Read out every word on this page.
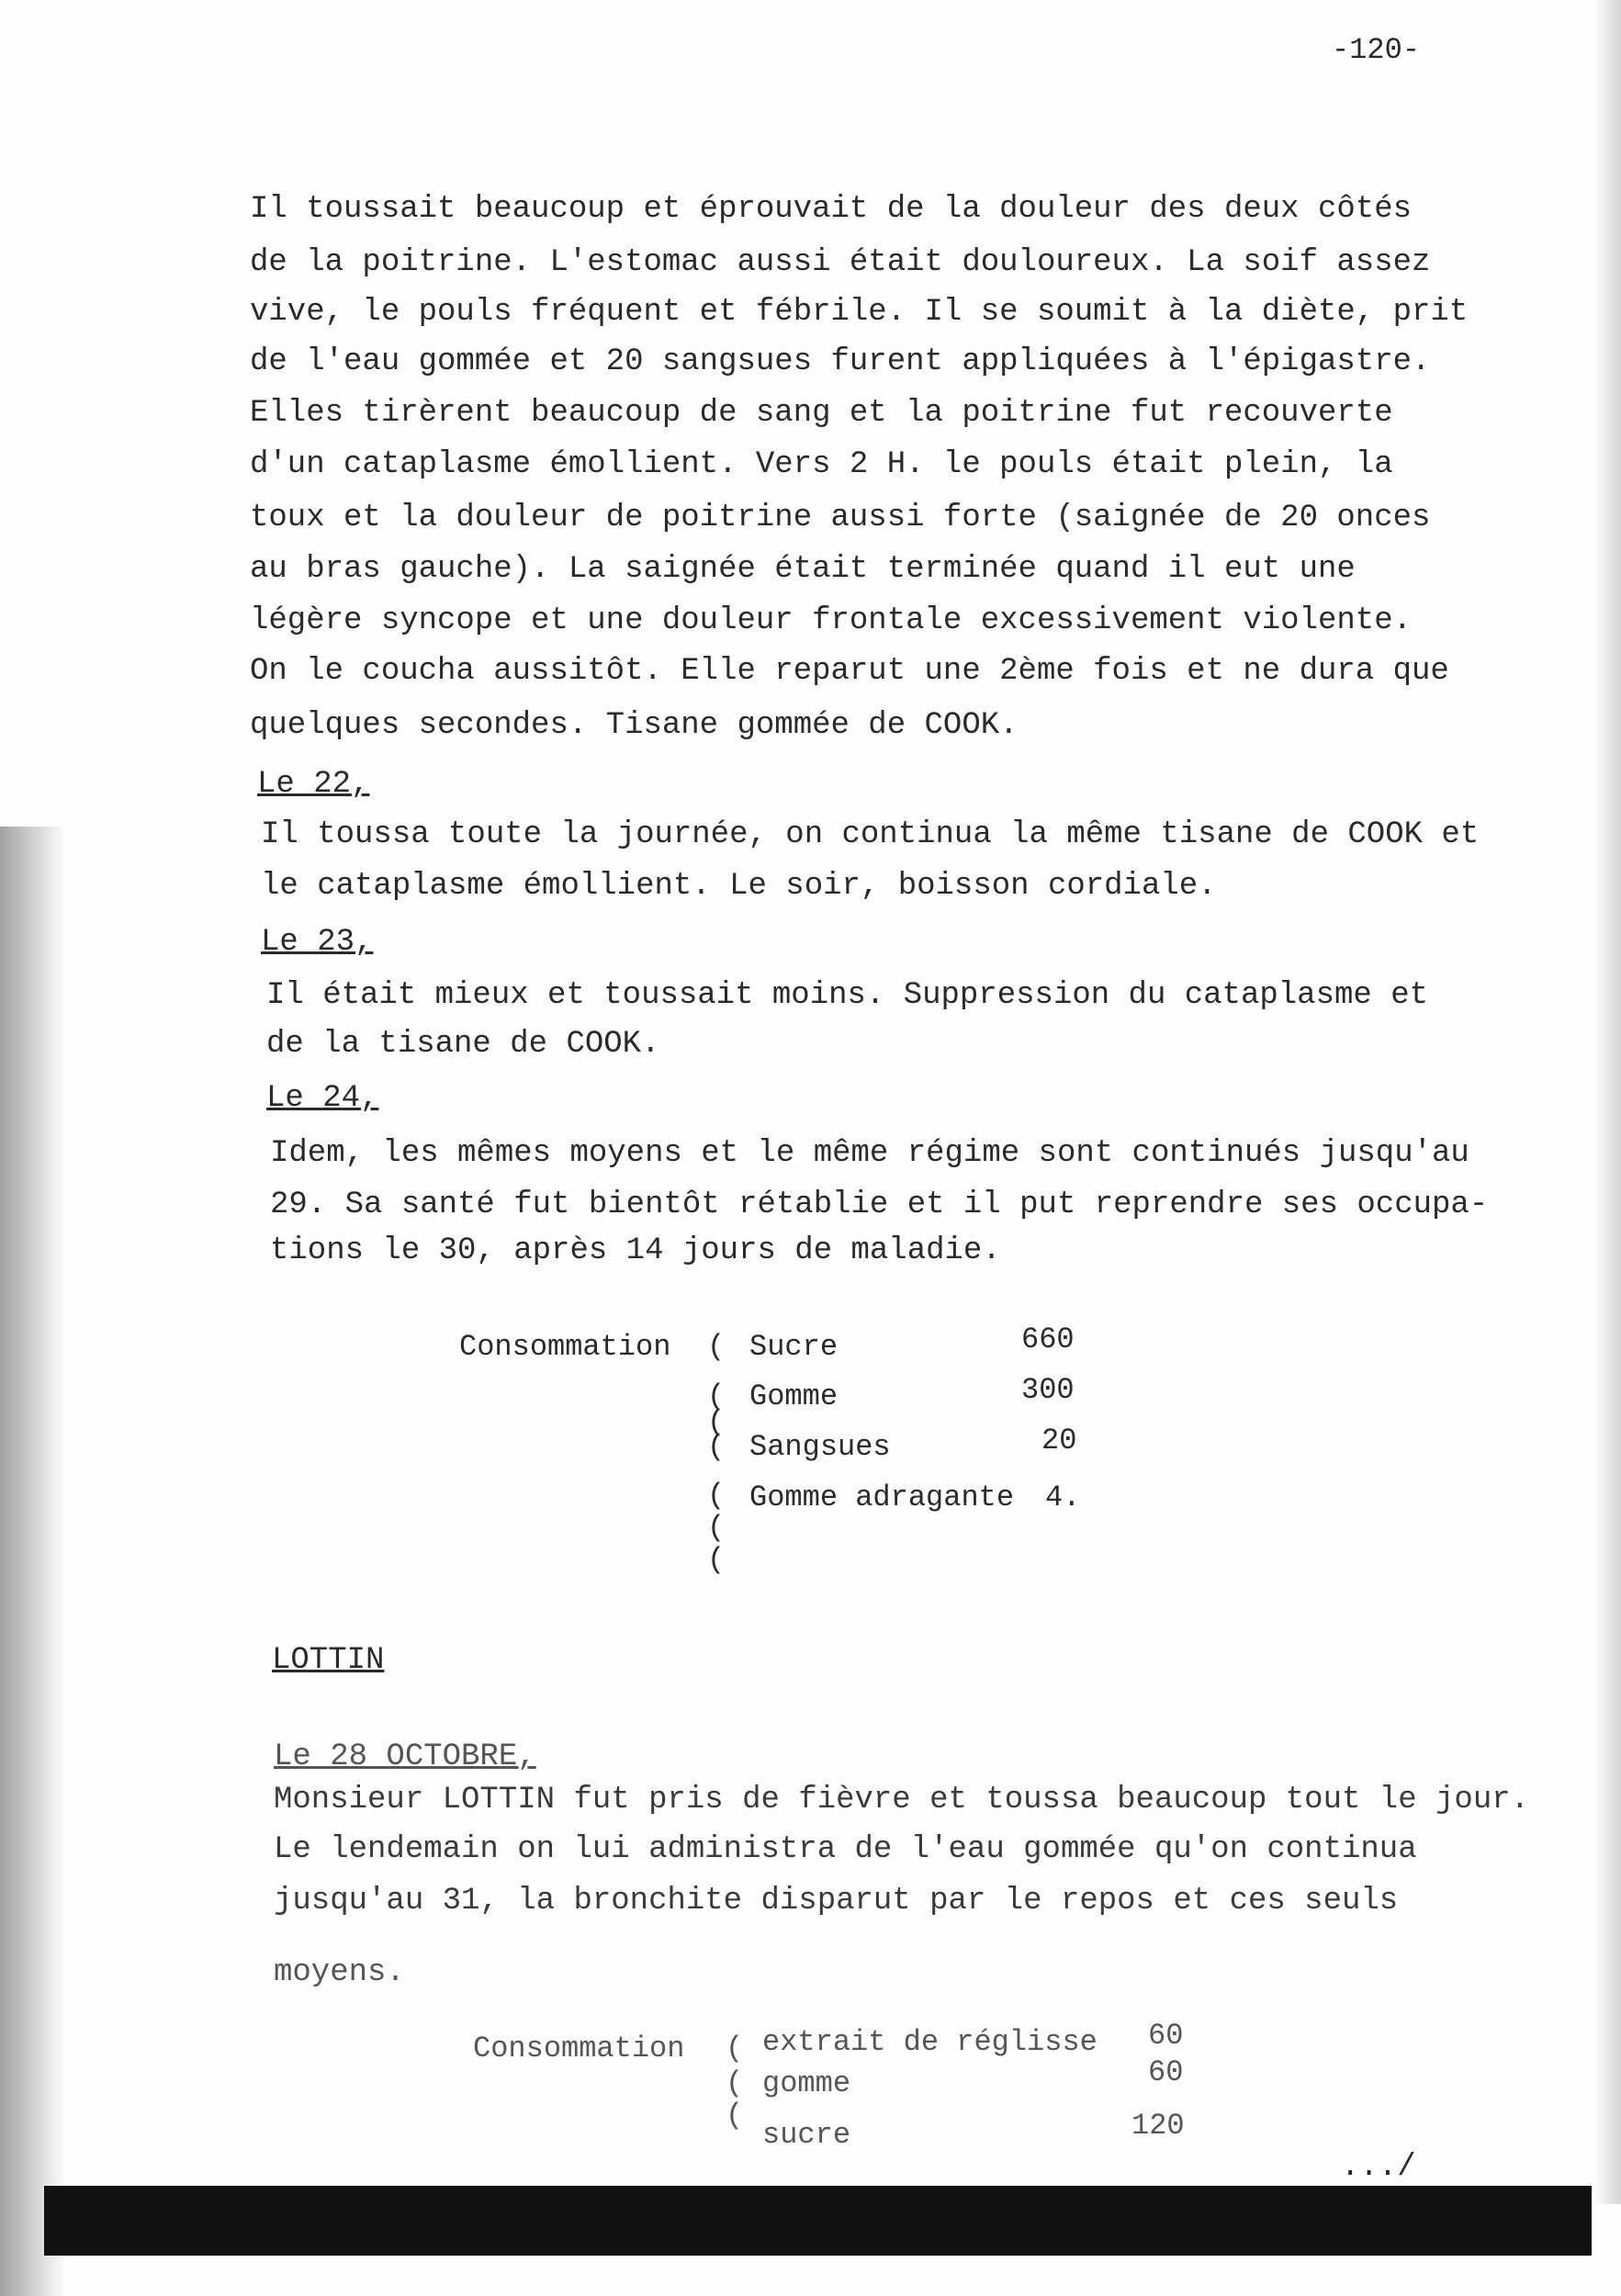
-120-
Il toussait beaucoup et éprouvait de la douleur des deux côtés
de la poitrine. L'estomac aussi était douloureux. La soif assez
vive, le pouls fréquent et fébrile. Il se soumit à la diète, prit
de l'eau gommée et 20 sangsues furent appliquées à l'épigastre.
Elles tirèrent beaucoup de sang et la poitrine fut recouverte
d'un cataplasme émollient. Vers 2 H. le pouls était plein, la
toux et la douleur de poitrine aussi forte (saignée de 20 onces
au bras gauche). La saignée était terminée quand il eut une
légère syncope et une douleur frontale excessivement violente.
On le coucha aussitôt. Elle reparut une 2ème fois et ne dura que
quelques secondes. Tisane gommée de COOK.
Le 22,
Il toussa toute la journée, on continua la même tisane de COOK et
le cataplasme émollient. Le soir, boisson cordiale.
Le 23,
Il était mieux et toussait moins. Suppression du cataplasme et
de la tisane de COOK.
Le 24,
Idem, les mêmes moyens et le même régime sont continués jusqu'au
29. Sa santé fut bientôt rétablie et il put reprendre ses occupa-
tions le 30, après 14 jours de maladie.
Consommation (
(
(
(
(
(
(
Sucre	660
Gomme	300
Sangsues	20
Gomme adragante 4.
LOTTIN
Le 28 OCTOBRE,
Monsieur LOTTIN fut pris de fièvre et toussa beaucoup tout le jour.
Le lendemain on lui administra de l'eau gommée qu'on continua
jusqu'au 31, la bronchite disparut par le repos et ces seuls
moyens.
Consommation (
(
(
extrait de réglisse 60
gomme	60
sucre	120
.../
